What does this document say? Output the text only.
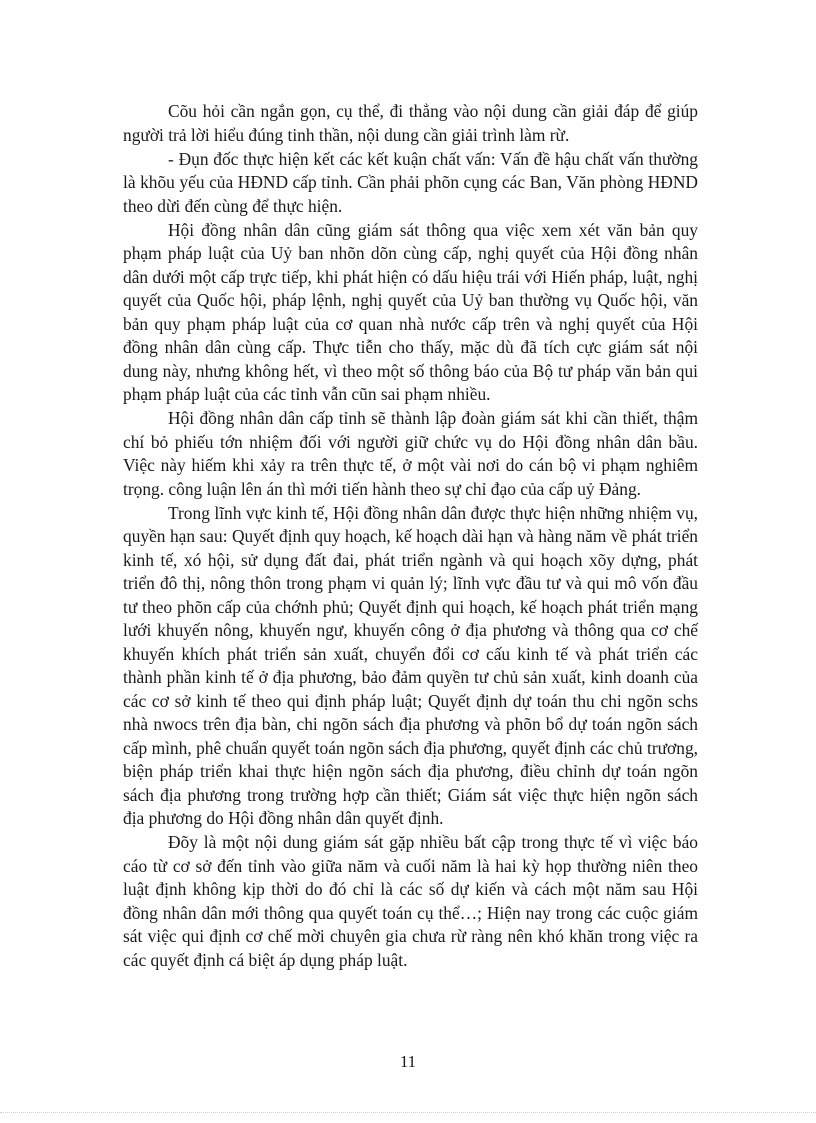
Cõu hỏi cần ngắn gọn, cụ thể, đi thẳng vào nội dung cần giải đáp để giúp người trả lời hiểu đúng tinh thần, nội dung cần giải trình làm rừ.

- Đụn đốc thực hiện kết các kết kuận chất vấn: Vấn đề hậu chất vấn thường là khõu yếu của HĐND cấp tỉnh. Cần phải phõn cụng các Ban, Văn phòng HĐND theo dừi đến cùng để thực hiện.

Hội đồng nhân dân cũng giám sát thông qua việc xem xét văn bản quy phạm pháp luật của Uỷ ban nhõn dõn cùng cấp, nghị quyết của Hội đồng nhân dân dưới một cấp trực tiếp, khi phát hiện có dấu hiệu trái với Hiến pháp, luật, nghị quyết của Quốc hội, pháp lệnh, nghị quyết của Uỷ ban thường vụ Quốc hội, văn bản quy phạm pháp luật của cơ quan nhà nước cấp trên và nghị quyết của Hội đồng nhân dân cùng cấp. Thực tiễn cho thấy, mặc dù đã tích cực giám sát nội dung này, nhưng không hết, vì theo một số thông báo của Bộ tư pháp văn bản qui phạm pháp luật của các tỉnh vẫn cũn sai phạm nhiều.

Hội đồng nhân dân cấp tỉnh sẽ thành lập đoàn giám sát khi cần thiết, thậm chí bỏ phiếu tớn nhiệm đối với người giữ chức vụ do Hội đồng nhân dân bầu. Việc này hiếm khi xảy ra trên thực tế, ở một vài nơi do cán bộ vi phạm nghiêm trọng. công luận lên án thì mới tiến hành theo sự chỉ đạo của cấp uỷ Đảng.

Trong lĩnh vực kinh tế, Hội đồng nhân dân được thực hiện những nhiệm vụ, quyền hạn sau: Quyết định quy hoạch, kế hoạch dài hạn và hàng năm về phát triển kinh tế, xó hội, sử dụng đất đai, phát triển ngành và qui hoạch xõy dựng, phát triển đô thị, nông thôn trong phạm vi quản lý; lĩnh vực đầu tư và qui mô vốn đầu tư theo phõn cấp của chớnh phủ; Quyết định qui hoạch, kế hoạch phát triển mạng lưới khuyến nông, khuyến ngư, khuyến công ở địa phương và thông qua cơ chế khuyến khích phát triển sản xuất, chuyển đổi cơ cấu kinh tế và phát triển các thành phần kinh tế ở địa phương, bảo đảm quyền tư chủ sản xuất, kinh doanh của các cơ sở kinh tế theo qui định pháp luật; Quyết định dự toán thu chi ngõn schs nhà nwocs trên địa bàn, chi ngõn sách địa phương và phõn bổ dự toán ngõn sách cấp mình, phê chuẩn quyết toán ngõn sách địa phương, quyết định các chủ trương, biện pháp triển khai thực hiện ngõn sách địa phương, điều chỉnh dự toán ngõn sách địa phương trong trường hợp cần thiết; Giám sát việc thực hiện ngõn sách địa phương do Hội đồng nhân dân quyết định.

Đõy là một nội dung giám sát gặp nhiều bất cập trong thực tế vì việc báo cáo từ cơ sở đến tỉnh vào giữa năm và cuối năm là hai kỳ họp thường niên theo luật định không kịp thời do đó chỉ là các số dự kiến và cách một năm sau Hội đồng nhân dân mới thông qua quyết toán cụ thể…; Hiện nay trong các cuộc giám sát việc qui định cơ chế mời chuyên gia chưa rừ ràng nên khó khăn trong việc ra các quyết định cá biệt áp dụng pháp luật.

11
